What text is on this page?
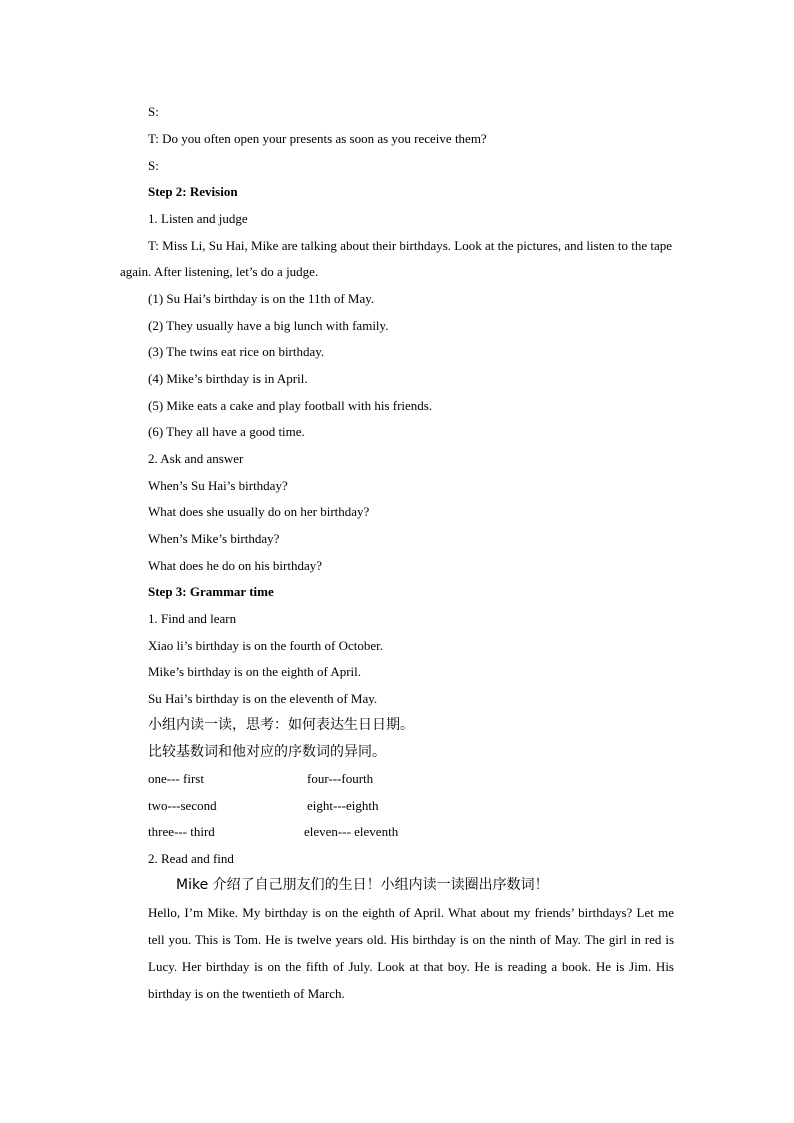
S:
T: Do you often open your presents as soon as you receive them?
S:
Step 2: Revision
1. Listen and judge
T: Miss Li, Su Hai, Mike are talking about their birthdays. Look at the pictures, and listen to the tape again. After listening, let’s do a judge.
(1) Su Hai’s birthday is on the 11th of May.
(2) They usually have a big lunch with family.
(3) The twins eat rice on birthday.
(4) Mike’s birthday is in April.
(5) Mike eats a cake and play football with his friends.
(6) They all have a good time.
2. Ask and answer
When’s Su Hai’s birthday?
What does she usually do on her birthday?
When’s Mike’s birthday?
What does he do on his birthday?
Step 3: Grammar time
1. Find and learn
Xiao li’s birthday is on the fourth of October.
Mike’s birthday is on the eighth of April.
Su Hai’s birthday is on the eleventh of May.
小组内读一读，思考：如何表达生日日期。
比较基数词和他对应的序数词的异同。
one--- first	four---fourth
two---second	eight---eighth
three--- third	eleven--- eleventh
2. Read and find
Mike 介绍了自己朋友们的生日！小组内读一读圈出序数词！
Hello, I’m Mike. My birthday is on the eighth of April. What about my friends’ birthdays? Let me tell you. This is Tom. He is twelve years old. His birthday is on the ninth of May. The girl in red is Lucy. Her birthday is on the fifth of July. Look at that boy. He is reading a book. He is Jim. His birthday is on the twentieth of March.
